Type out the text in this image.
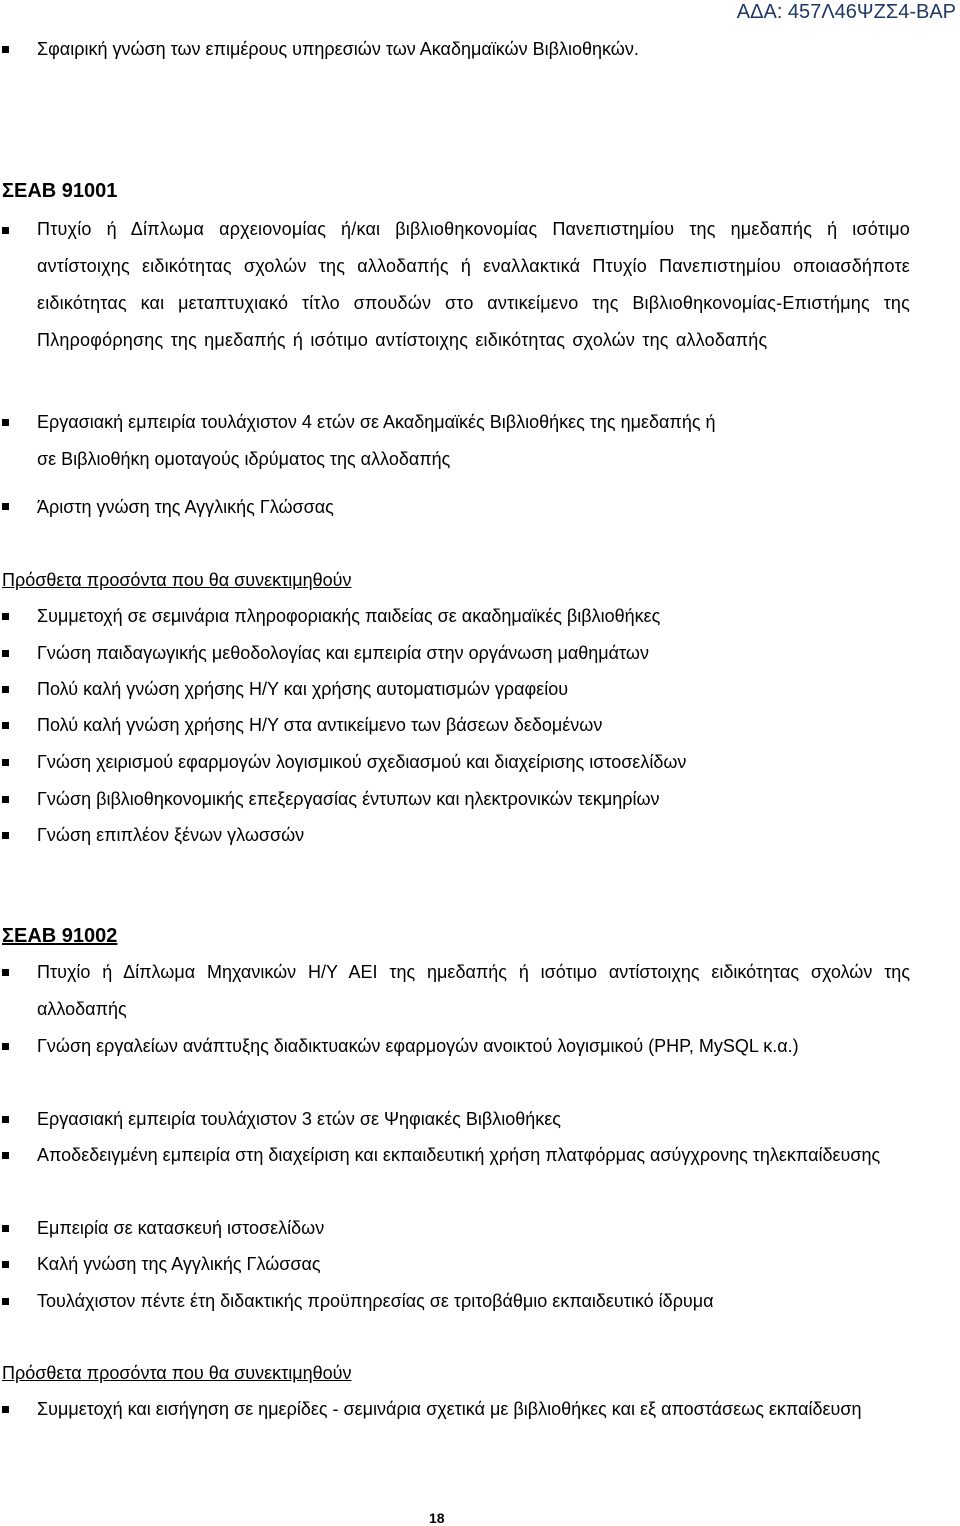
ΑΔΑ: 457Λ46ΨΖΣ4-ΒΑΡ
Σφαιρική γνώση των επιμέρους υπηρεσιών των Ακαδημαϊκών Βιβλιοθηκών.
ΣΕΑΒ 91001
Πτυχίο ή Δίπλωμα αρχειονομίας ή/και βιβλιοθηκονομίας Πανεπιστημίου της ημεδαπής ή ισότιμο αντίστοιχης ειδικότητας σχολών της αλλοδαπής ή εναλλακτικά Πτυχίο Πανεπιστημίου οποιασδήποτε ειδικότητας και μεταπτυχιακό τίτλο σπουδών στο αντικείμενο της Βιβλιοθηκονομίας-Επιστήμης της Πληροφόρησης της ημεδαπής ή ισότιμο αντίστοιχης ειδικότητας σχολών της αλλοδαπής
Εργασιακή εμπειρία τουλάχιστον 4 ετών σε Ακαδημαϊκές Βιβλιοθήκες της ημεδαπής ή σε Βιβλιοθήκη ομοταγούς ιδρύματος της αλλοδαπής
Άριστη γνώση της Αγγλικής Γλώσσας
Πρόσθετα προσόντα που θα συνεκτιμηθούν
Συμμετοχή σε σεμινάρια πληροφοριακής παιδείας σε ακαδημαϊκές βιβλιοθήκες
Γνώση παιδαγωγικής μεθοδολογίας και εμπειρία στην οργάνωση μαθημάτων
Πολύ καλή γνώση χρήσης Η/Υ και χρήσης αυτοματισμών γραφείου
Πολύ καλή γνώση χρήσης Η/Υ στα αντικείμενο των βάσεων δεδομένων
Γνώση χειρισμού εφαρμογών λογισμικού σχεδιασμού και διαχείρισης ιστοσελίδων
Γνώση βιβλιοθηκονομικής επεξεργασίας έντυπων και ηλεκτρονικών τεκμηρίων
Γνώση επιπλέον ξένων γλωσσών
ΣΕΑΒ 91002
Πτυχίο ή Δίπλωμα Μηχανικών Η/Υ ΑΕΙ της ημεδαπής ή ισότιμο αντίστοιχης ειδικότητας σχολών της αλλοδαπής
Γνώση εργαλείων ανάπτυξης διαδικτυακών εφαρμογών ανοικτού λογισμικού (PHP, MySQL κ.α.)
Εργασιακή εμπειρία τουλάχιστον 3 ετών σε Ψηφιακές Βιβλιοθήκες
Αποδεδειγμένη εμπειρία στη διαχείριση και εκπαιδευτική χρήση πλατφόρμας ασύγχρονης τηλεκπαίδευσης
Εμπειρία σε κατασκευή ιστοσελίδων
Καλή γνώση της Αγγλικής Γλώσσας
Τουλάχιστον πέντε έτη διδακτικής προϋπηρεσίας σε τριτοβάθμιο εκπαιδευτικό ίδρυμα
Πρόσθετα προσόντα που θα συνεκτιμηθούν
Συμμετοχή και εισήγηση σε ημερίδες - σεμινάρια σχετικά με βιβλιοθήκες και εξ αποστάσεως εκπαίδευση
18
